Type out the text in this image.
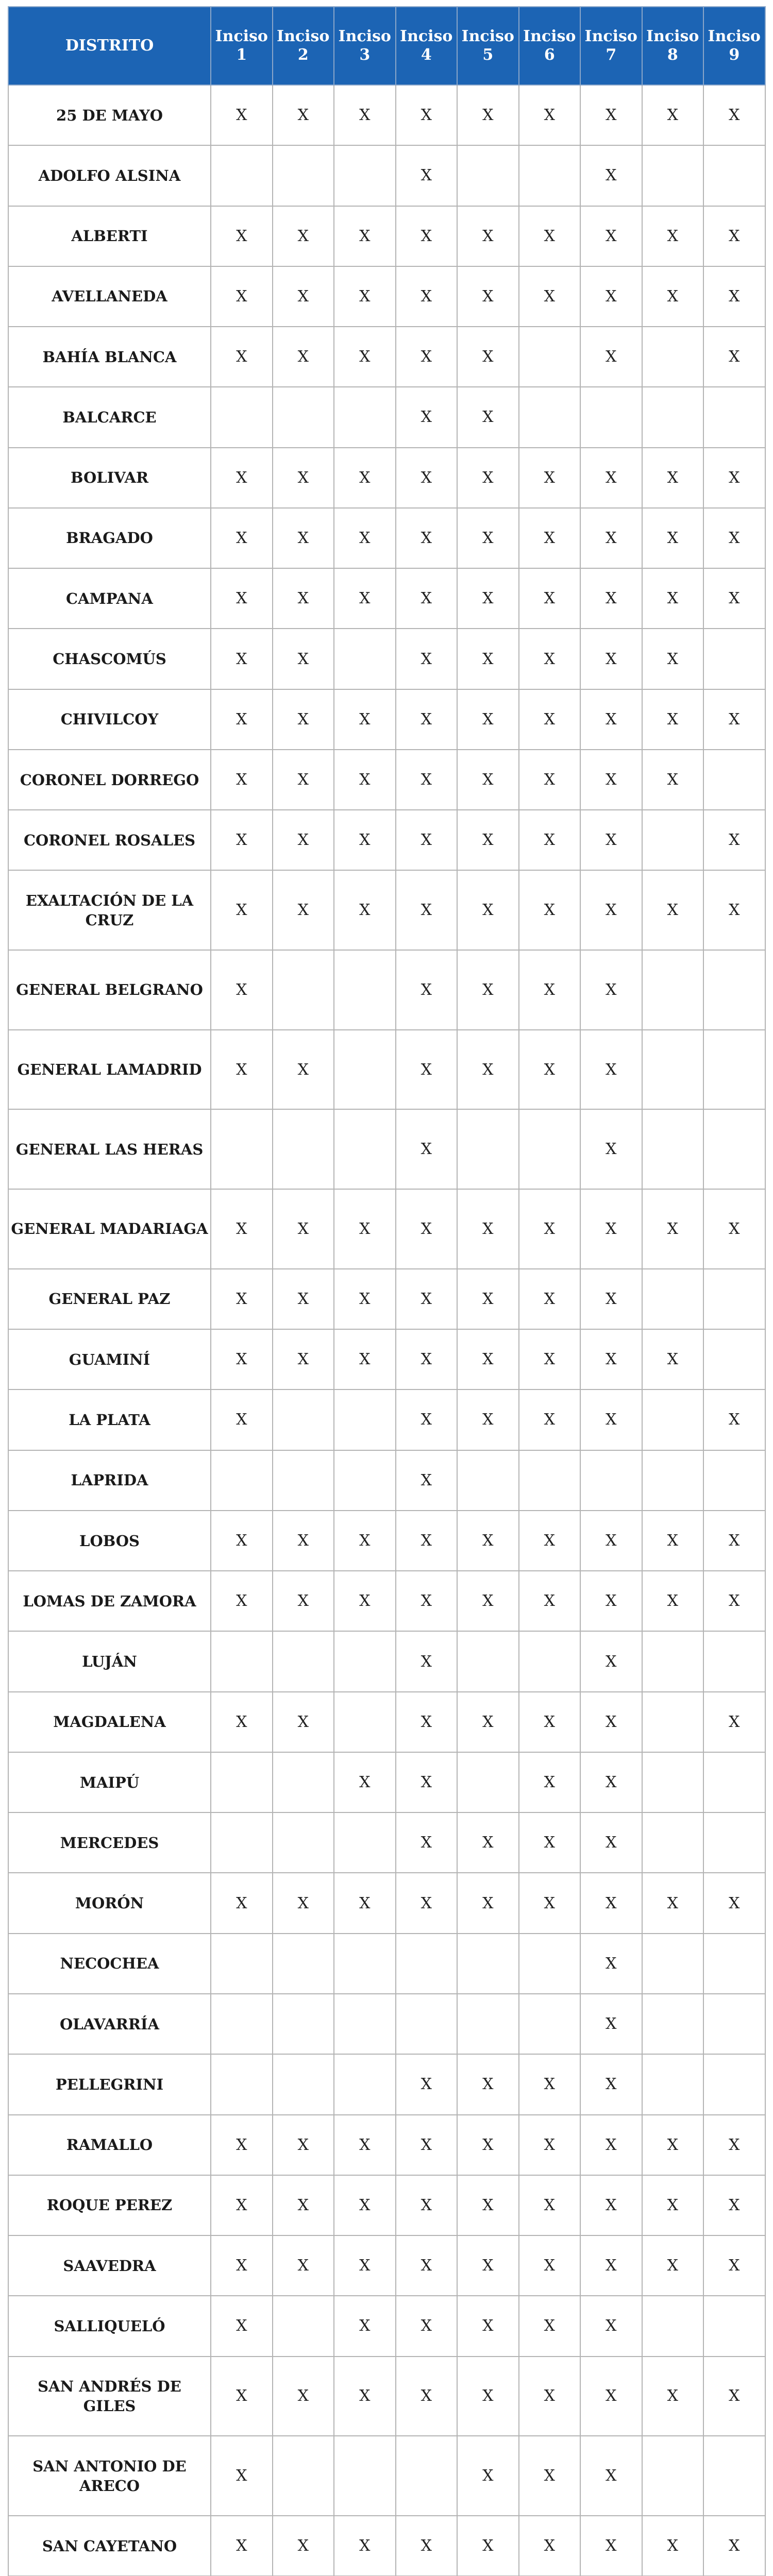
DISTRITO	Inciso 1	Inciso 2	Inciso 3	Inciso 4	Inciso 5	Inciso 6	Inciso 7	Inciso 8	Inciso 9
25 DE MAYO	X	X	X	X	X	X	X	X	X
ADOLFO ALSINA				X			X		
ALBERTI	X	X	X	X	X	X	X	X	X
AVELLANEDA	X	X	X	X	X	X	X	X	X
BAHÍA BLANCA	X	X	X	X	X		X		X
BALCARCE				X	X				
BOLIVAR	X	X	X	X	X	X	X	X	X
BRAGADO	X	X	X	X	X	X	X	X	X
CAMPANA	X	X	X	X	X	X	X	X	X
CHASCOMÚS	X	X		X	X	X	X	X	
CHIVILCOY	X	X	X	X	X	X	X	X	X
CORONEL DORREGO	X	X	X	X	X	X	X	X	
CORONEL ROSALES	X	X	X	X	X	X	X		X
EXALTACIÓN DE LA CRUZ	X	X	X	X	X	X	X	X	X
GENERAL BELGRANO	X			X	X	X	X		
GENERAL LAMADRID	X	X		X	X	X	X		
GENERAL LAS HERAS				X			X		
GENERAL MADARIAGA	X	X	X	X	X	X	X	X	X
GENERAL PAZ	X	X	X	X	X	X	X		
GUAMINÍ	X	X	X	X	X	X	X	X	
LA PLATA	X			X	X	X	X		X
LAPRIDA				X					
LOBOS	X	X	X	X	X	X	X	X	X
LOMAS DE ZAMORA	X	X	X	X	X	X	X	X	X
LUJÁN				X			X		
MAGDALENA	X	X		X	X	X	X		X
MAIPÚ			X	X		X	X		
MERCEDES				X	X	X	X		
MORÓN	X	X	X	X	X	X	X	X	X
NECOCHEA							X		
OLAVARRÍA							X		
PELLEGRINI				X	X	X	X		
RAMALLO	X	X	X	X	X	X	X	X	X
ROQUE PEREZ	X	X	X	X	X	X	X	X	X
SAAVEDRA	X	X	X	X	X	X	X	X	X
SALLIQUELÓ	X		X	X	X	X	X		
SAN ANDRÉS DE GILES	X	X	X	X	X	X	X	X	X
SAN ANTONIO DE ARECO	X				X	X	X		
SAN CAYETANO	X	X	X	X	X	X	X	X	X
